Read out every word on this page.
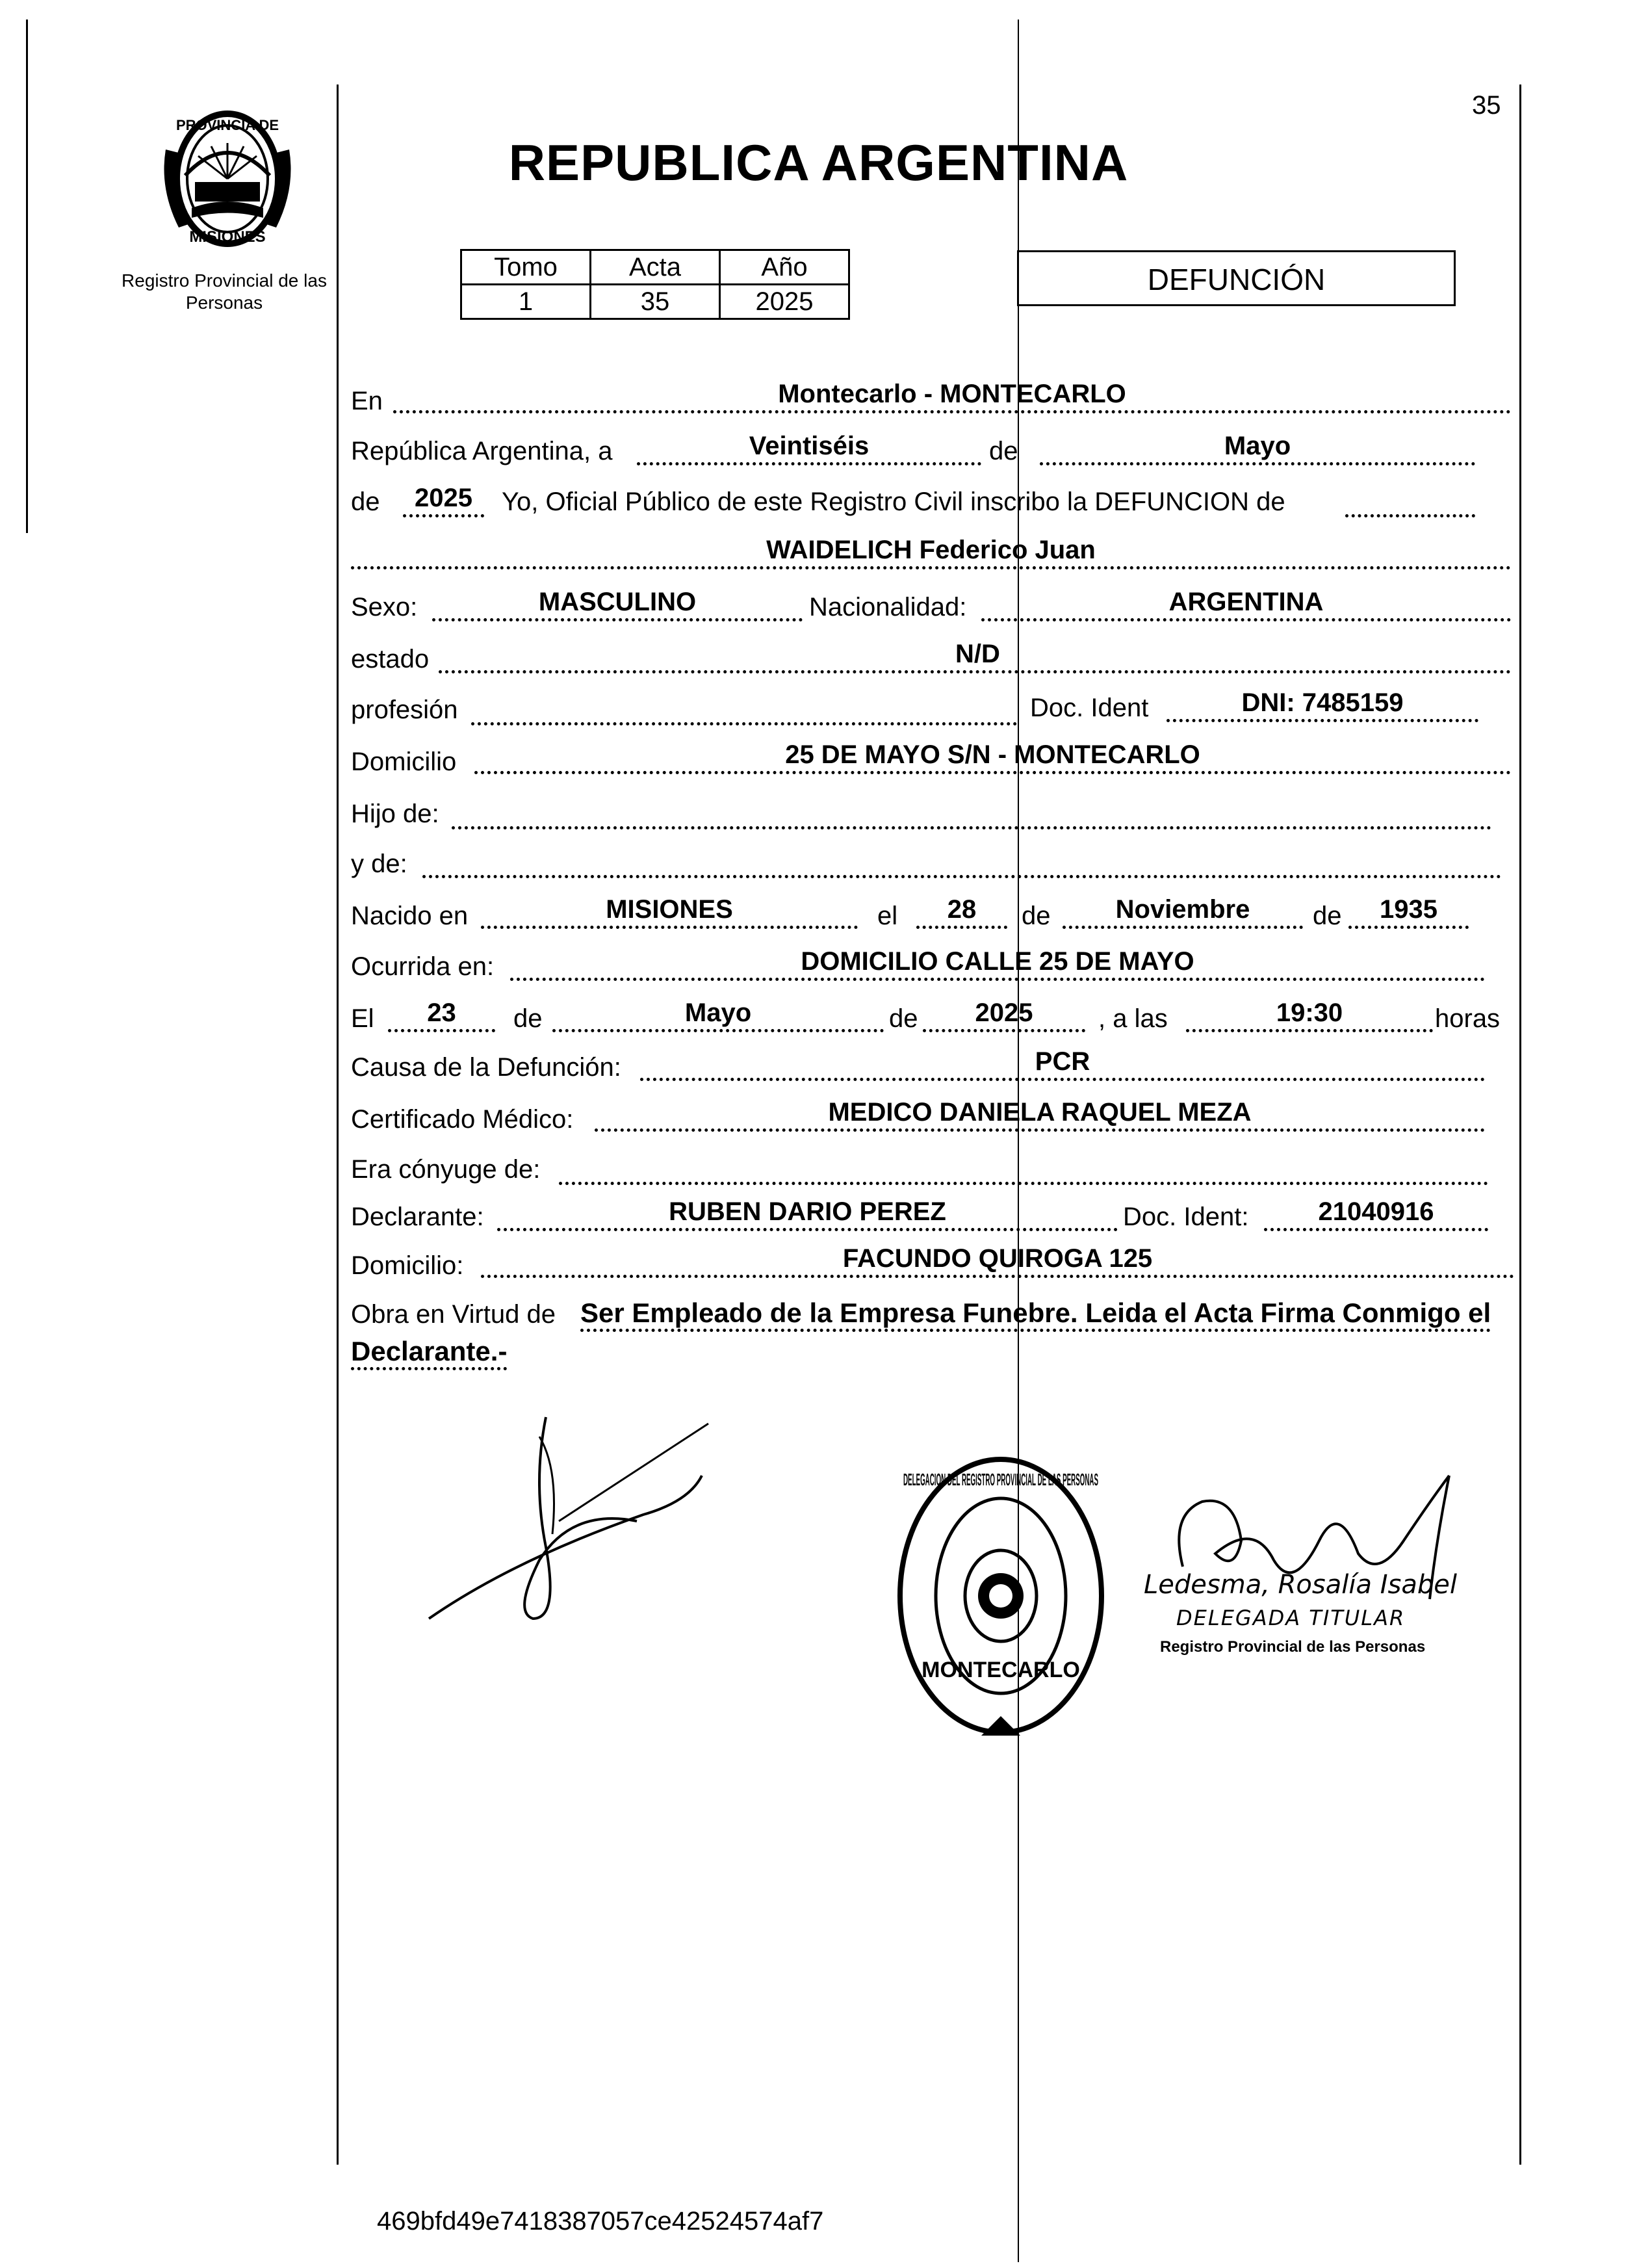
35
PROVINCIA DE
MISIONES
Registro Provincial de las Personas
REPUBLICA ARGENTINA
Tomo	Acta	Año
1	35	2025
DEFUNCIÓN
En	Montecarlo - MONTECARLO
República Argentina, a	Veintiséis	de	Mayo
de	2025	Yo, Oficial Público de este Registro Civil inscribo la DEFUNCION de
WAIDELICH Federico Juan
Sexo:	MASCULINO	Nacionalidad:	ARGENTINA
estado	N/D
profesión	Doc. Ident	DNI: 7485159
Domicilio	25 DE MAYO S/N - MONTECARLO
Hijo de:
y de:
Nacido en	MISIONES	el	28	de	Noviembre	de	1935
Ocurrida en:	DOMICILIO CALLE 25 DE MAYO
El	23	de	Mayo	de	2025	, a las	19:30	horas
Causa de la Defunción:	PCR
Certificado Médico:	MEDICO DANIELA RAQUEL MEZA
Era cónyuge de:
Declarante:	RUBEN DARIO PEREZ	Doc. Ident:	21040916
Domicilio:	FACUNDO QUIROGA 125
Obra en Virtud de Ser Empleado de la Empresa Funebre. Leida el Acta Firma Conmigo el
Declarante.-
DELEGACION DEL REGISTRO PROVINCIAL DE LAS PERSONAS
MONTECARLO
Ledesma, Rosalía Isabel
DELEGADA TITULAR
Registro Provincial de las Personas
469bfd49e7418387057ce42524574af7
